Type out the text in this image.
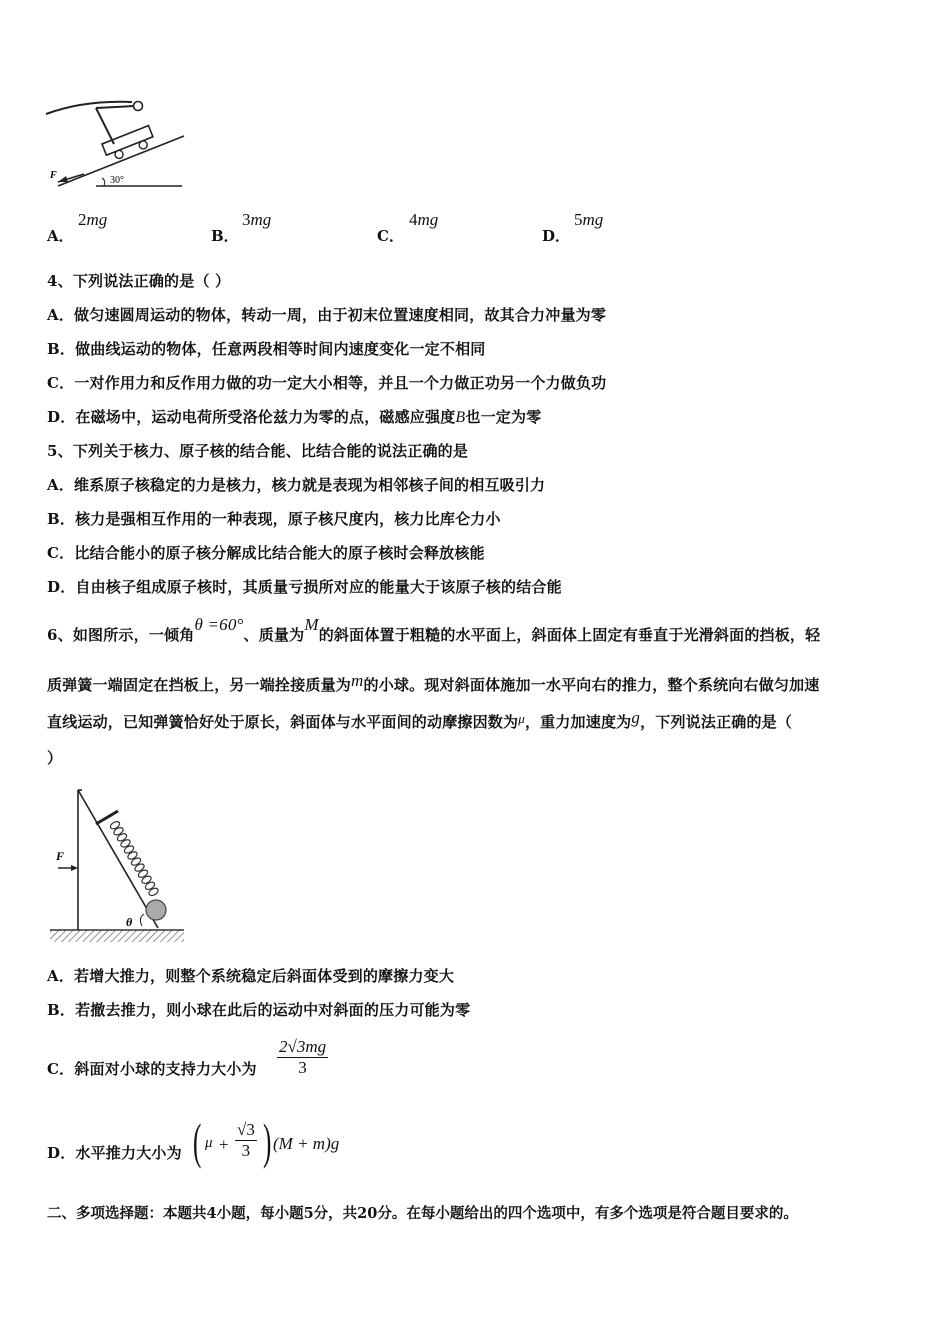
F	30°
A．
2mg
B．
3mg
C．
4mg
D．
5mg
4、下列说法正确的是（ ）
A．做匀速圆周运动的物体，转动一周，由于初末位置速度相同，故其合力冲量为零
B．做曲线运动的物体，任意两段相等时间内速度变化一定不相同
C．一对作用力和反作用力做的功一定大小相等，并且一个力做正功另一个力做负功
D．在磁场中，运动电荷所受洛伦兹力为零的点，磁感应强度B也一定为零
5、下列关于核力、原子核的结合能、比结合能的说法正确的是
A．维系原子核稳定的力是核力，核力就是表现为相邻核子间的相互吸引力
B．核力是强相互作用的一种表现，原子核尺度内，核力比库仑力小
C．比结合能小的原子核分解成比结合能大的原子核时会释放核能
D．自由核子组成原子核时，其质量亏损所对应的能量大于该原子核的结合能
6、如图所示，一倾角θ =60°、质量为M的斜面体置于粗糙的水平面上，斜面体上固定有垂直于光滑斜面的挡板，轻
质弹簧一端固定在挡板上，另一端拴接质量为m的小球。现对斜面体施加一水平向右的推力，整个系统向右做匀加速
直线运动，已知弹簧恰好处于原长，斜面体与水平面间的动摩擦因数为μ，重力加速度为g，下列说法正确的是（
）
F
θ
A．若增大推力，则整个系统稳定后斜面体受到的摩擦力变大
B．若撤去推力，则小球在此后的运动中对斜面的压力可能为零
C．斜面对小球的支持力大小为 $\frac{2√3mg}{3}$
D．水平推力大小为 ( $\mu + \frac{√3}{3}$ ) (M + m)g
二、多项选择题：本题共4小题，每小题5分，共20分。在每小题给出的四个选项中，有多个选项是符合题目要求的。
